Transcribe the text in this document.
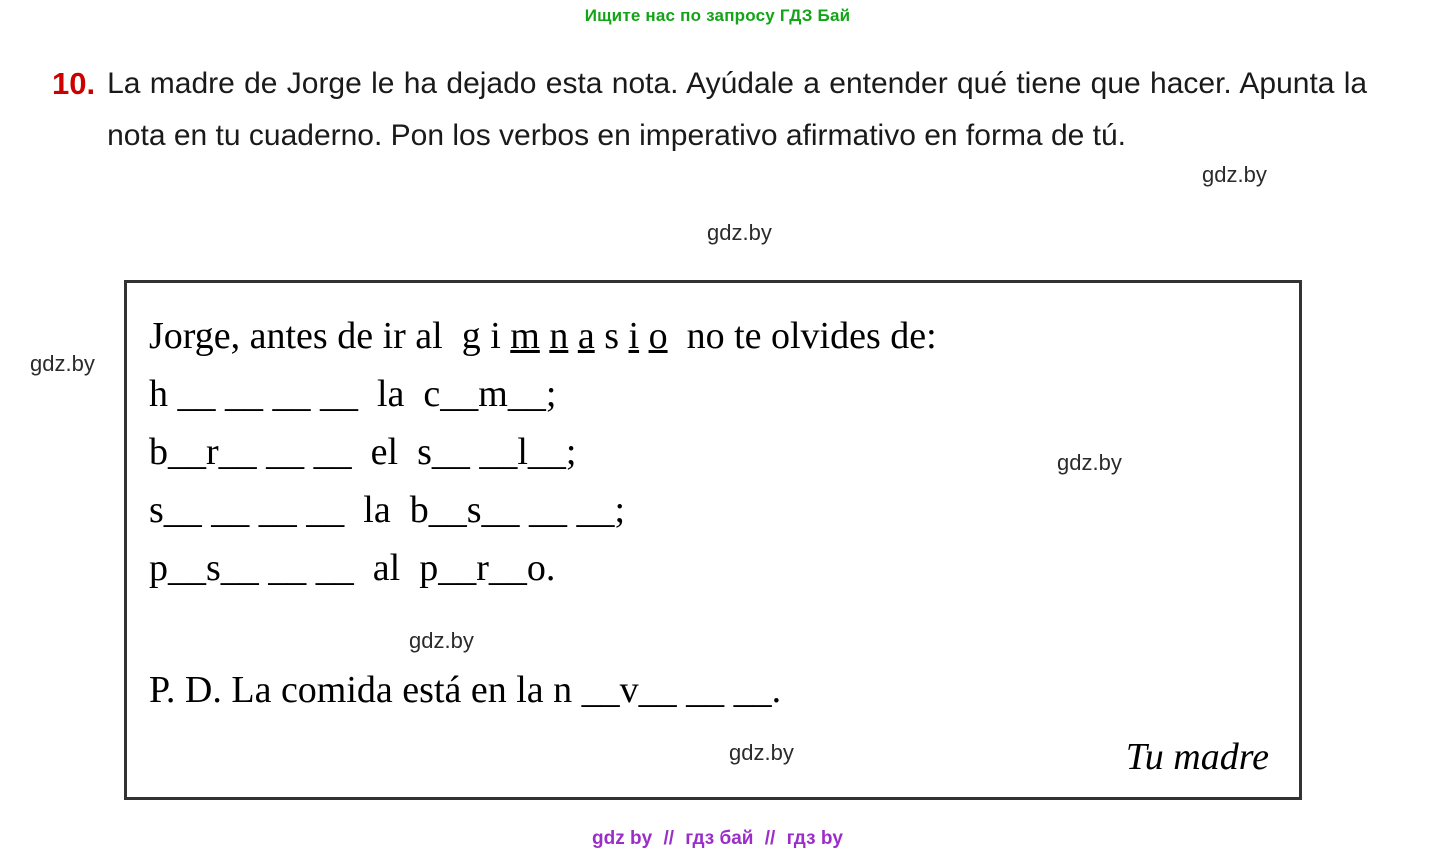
Ищите нас по запросу ГДЗ Бай
10. La madre de Jorge le ha dejado esta nota. Ayúdale a entender qué tiene que hacer. Apunta la nota en tu cuaderno. Pon los verbos en imperativo afirmativo en forma de tú.
Jorge, antes de ir al  g i m n a s i o  no te olvides de:
h __ __ __ __  la  c__m__;
b__r__ __ __  el  s__ __l__;
s__ __ __ __  la  b__s__ __ __;
p__s__ __ __  al  p__r__o.
P. D. La comida está en la n __v__ __ __.
Tu madre
gdz.by
gdz.by
gdz.by
gdz.by
gdz.by
gdz.by
gdz by // гдз бай // гдз by
